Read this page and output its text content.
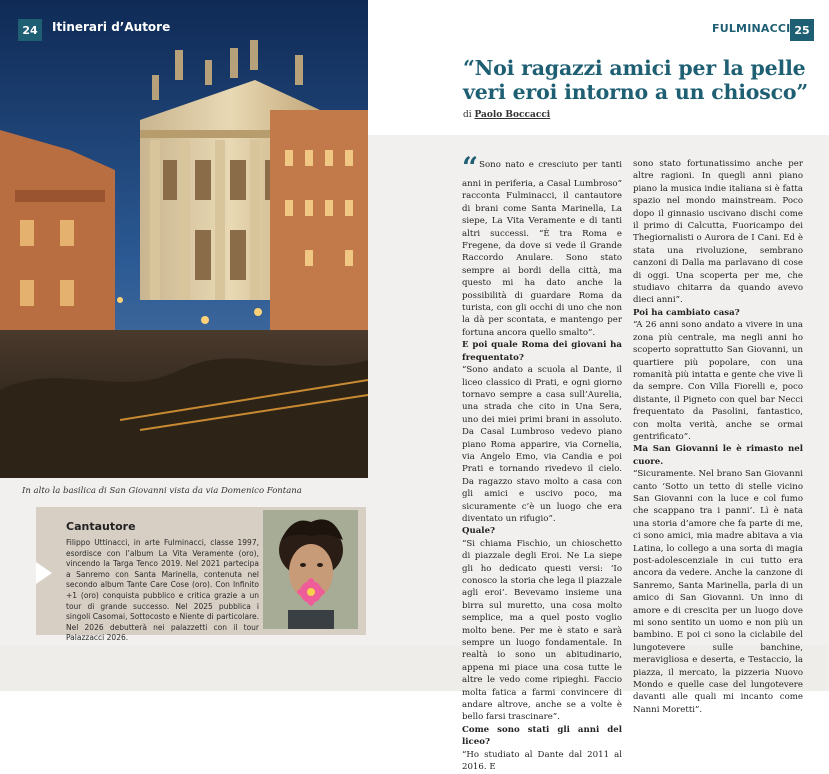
24	Itinerari d’Autore
In alto la basilica di San Giovanni vista da via Domenico Fontana
Cantautore
Filippo Uttinacci, in arte Fulminacci, classe 1997, esordisce con l’album La Vita Veramente (oro), vincendo la Targa Tenco 2019. Nel 2021 partecipa a Sanremo con Santa Marinella, contenuta nel secondo album Tante Care Cose (oro). Con Infinito +1 (oro) conquista pubblico e critica grazie a un tour di grande successo. Nel 2025 pubblica i singoli Casomai, Sottocosto e Niente di particolare. Nel 2026 debutterà nei palazzetti con il tour Palazzacci 2026.
FULMINACCI 25
“Noi ragazzi amici per la pelle veri eroi intorno a un chiosco”
di Paolo Boccacci

“Sono nato e cresciuto per tanti anni in periferia, a Casal Lumbroso” racconta Fulminacci, il cantautore di brani come Santa Marinella, La siepe, La Vita Veramente e di tanti altri successi. “È tra Roma e Fregene, da dove si vede il Grande Raccordo Anulare. Sono stato sempre ai bordi della città, ma questo mi ha dato anche la possibilità di guardare Roma da turista, con gli occhi di uno che non la dà per scontata, e mantengo per fortuna ancora quello smalto”.

E poi quale Roma dei giovani ha frequentato?

“Sono andato a scuola al Dante, il liceo classico di Prati, e ogni giorno tornavo sempre a casa sull’Aurelia, una strada che cito in Una Sera, uno dei miei primi brani in assoluto. Da Casal Lumbroso vedevo piano piano Roma apparire, via Cornelia, via Angelo Emo, via Candia e poi Prati e tornando rivedevo il cielo. Da ragazzo stavo molto a casa con gli amici e uscivo poco, ma sicuramente c’è un luogo che era diventato un rifugio”.

Quale?

“Si chiama Fischio, un chioschetto di piazzale degli Eroi. Ne La siepe gli ho dedicato questi versi: ‘Io conosco la storia che lega il piazzale agli eroi’. Bevevamo insieme una birra sul muretto, una cosa molto semplice, ma a quel posto voglio molto bene. Per me è stato e sarà sempre un luogo fondamentale. In realtà io sono un abitudinario, appena mi piace una cosa tutte le altre le vedo come ripieghi. Faccio molta fatica a farmi convincere di andare altrove, anche se a volte è bello farsi trascinare”.

Come sono stati gli anni del liceo?

“Ho studiato al Dante dal 2011 al 2016. E

sono stato fortunatissimo anche per altre ragioni. In quegli anni piano piano la musica indie italiana si è fatta spazio nel mondo mainstream. Poco dopo il ginnasio uscivano dischi come il primo di Calcutta, Fuoricampo dei Thegiornalisti o Aurora de I Cani. Ed è stata una rivoluzione, sembrano canzoni di Dalla ma parlavano di cose di oggi. Una scoperta per me, che studiavo chitarra da quando avevo dieci anni”.

Poi ha cambiato casa?

“A 26 anni sono andato a vivere in una zona più centrale, ma negli anni ho scoperto soprattutto San Giovanni, un quartiere più popolare, con una romanità più intatta e gente che vive lì da sempre. Con Villa Fiorelli e, poco distante, il Pigneto con quel bar Necci frequentato da Pasolini, fantastico, con molta verità, anche se ormai gentrificato”.

Ma San Giovanni le è rimasto nel cuore.

“Sicuramente. Nel brano San Giovanni canto ‘Sotto un tetto di stelle vicino San Giovanni con la luce e col fumo che scappano tra i panni’. Lì è nata una storia d’amore che fa parte di me, ci sono amici, mia madre abitava a via Latina, lo collego a una sorta di magia post-adolescenziale in cui tutto era ancora da vedere. Anche la canzone di Sanremo, Santa Marinella, parla di un amico di San Giovanni. Un inno di amore e di crescita per un luogo dove mi sono sentito un uomo e non più un bambino. E poi ci sono la ciclabile del lungotevere sulle banchine, meravigliosa e deserta, e Testaccio, la piazza, il mercato, la pizzeria Nuovo Mondo e quelle case del lungotevere davanti alle quali mi incanto come Nanni Moretti”.
